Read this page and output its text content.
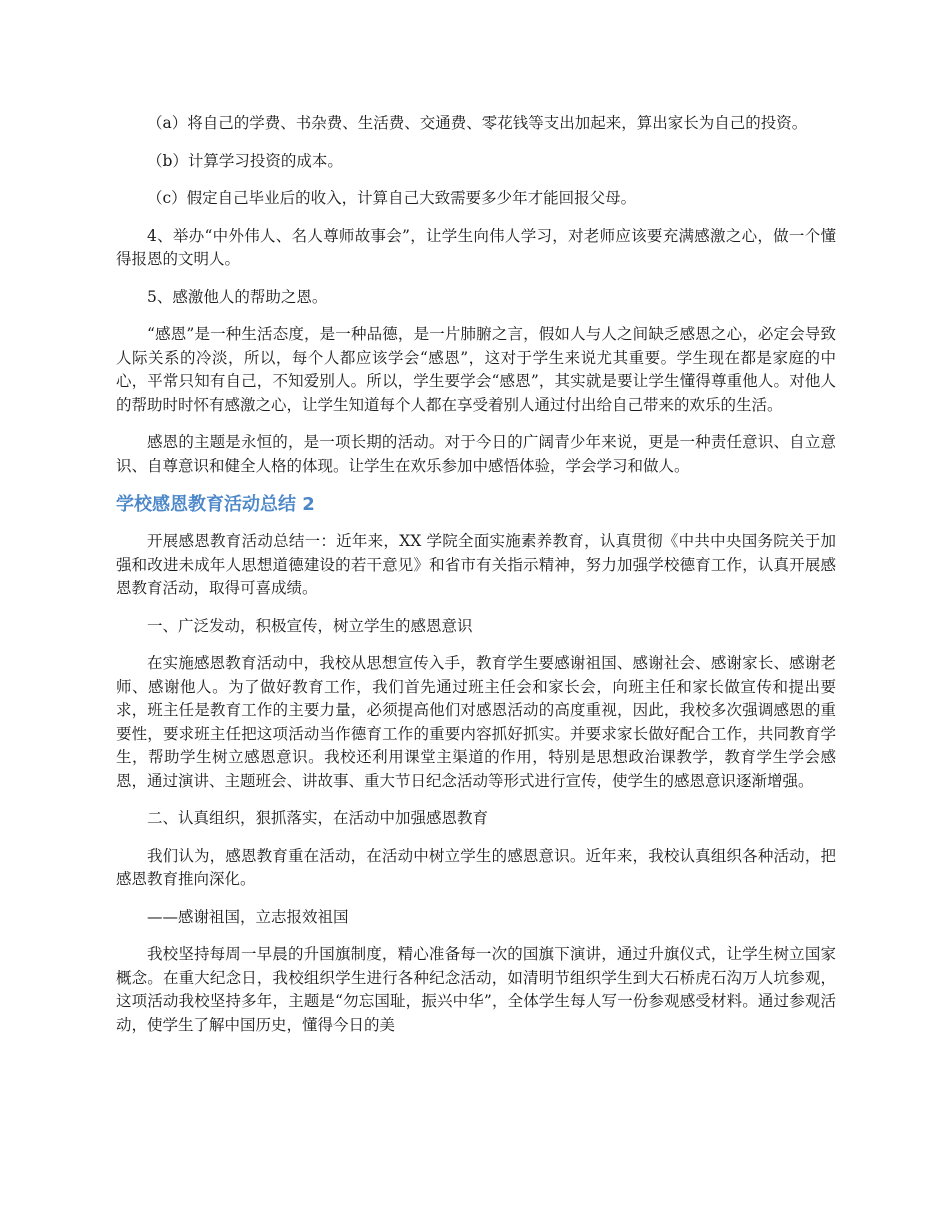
（a）将自己的学费、书杂费、生活费、交通费、零花钱等支出加起来，算出家长为自己的投资。

（b）计算学习投资的成本。

（c）假定自己毕业后的收入，计算自己大致需要多少年才能回报父母。

4、举办“中外伟人、名人尊师故事会”，让学生向伟人学习，对老师应该要充满感激之心，做一个懂得报恩的文明人。

5、感激他人的帮助之恩。

“感恩”是一种生活态度，是一种品德，是一片肺腑之言，假如人与人之间缺乏感恩之心，必定会导致人际关系的冷淡，所以，每个人都应该学会“感恩”，这对于学生来说尤其重要。学生现在都是家庭的中心，平常只知有自己，不知爱别人。所以，学生要学会“感恩”，其实就是要让学生懂得尊重他人。对他人的帮助时时怀有感激之心，让学生知道每个人都在享受着别人通过付出给自己带来的欢乐的生活。

感恩的主题是永恒的，是一项长期的活动。对于今日的广阔青少年来说，更是一种责任意识、自立意识、自尊意识和健全人格的体现。让学生在欢乐参加中感悟体验，学会学习和做人。

学校感恩教育活动总结 2

开展感恩教育活动总结一：近年来，XX 学院全面实施素养教育，认真贯彻《中共中央国务院关于加强和改进未成年人思想道德建设的若干意见》和省市有关指示精神，努力加强学校德育工作，认真开展感恩教育活动，取得可喜成绩。

一、广泛发动，积极宣传，树立学生的感恩意识

在实施感恩教育活动中，我校从思想宣传入手，教育学生要感谢祖国、感谢社会、感谢家长、感谢老师、感谢他人。为了做好教育工作，我们首先通过班主任会和家长会，向班主任和家长做宣传和提出要求，班主任是教育工作的主要力量，必须提高他们对感恩活动的高度重视，因此，我校多次强调感恩的重要性，要求班主任把这项活动当作德育工作的重要内容抓好抓实。并要求家长做好配合工作，共同教育学生，帮助学生树立感恩意识。我校还利用课堂主渠道的作用，特别是思想政治课教学，教育学生学会感恩，通过演讲、主题班会、讲故事、重大节日纪念活动等形式进行宣传，使学生的感恩意识逐渐增强。

二、认真组织，狠抓落实，在活动中加强感恩教育

我们认为，感恩教育重在活动，在活动中树立学生的感恩意识。近年来，我校认真组织各种活动，把感恩教育推向深化。

——感谢祖国，立志报效祖国

我校坚持每周一早晨的升国旗制度，精心准备每一次的国旗下演讲，通过升旗仪式，让学生树立国家概念。在重大纪念日，我校组织学生进行各种纪念活动，如清明节组织学生到大石桥虎石沟万人坑参观，这项活动我校坚持多年，主题是“勿忘国耻，振兴中华”，全体学生每人写一份参观感受材料。通过参观活动，使学生了解中国历史，懂得今日的美
